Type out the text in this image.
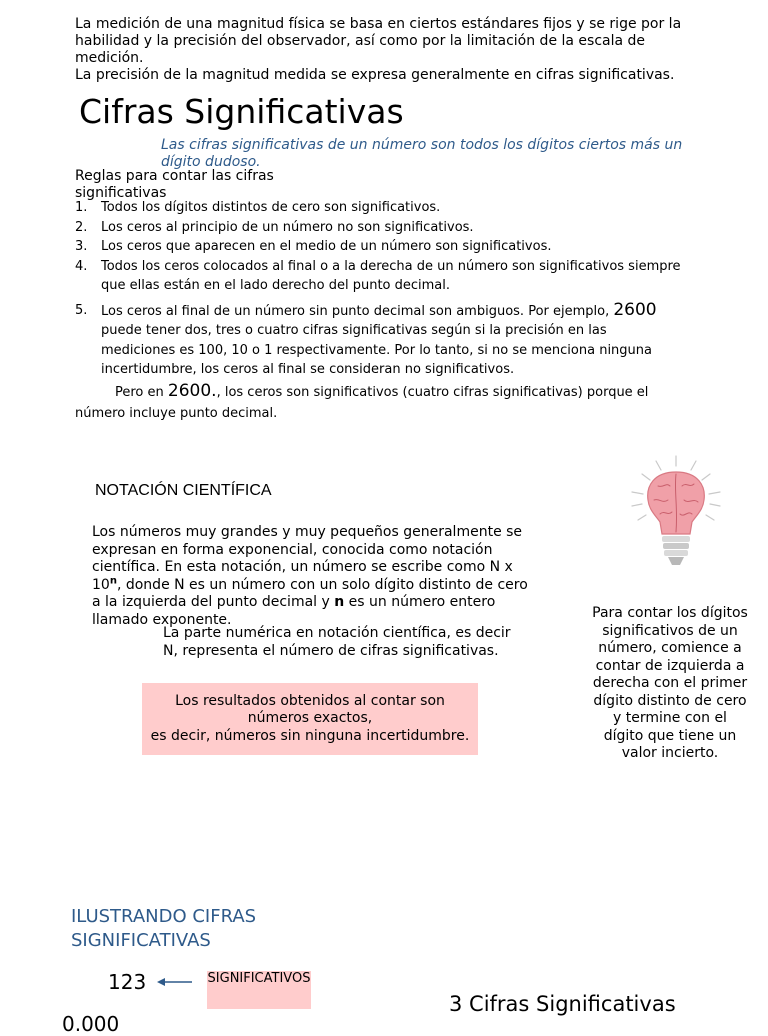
La medición de una magnitud física se basa en ciertos estándares fijos y se rige por la habilidad y la precisión del observador, así como por la limitación de la escala de medición.

La precisión de la magnitud medida se expresa generalmente en cifras significativas.

Cifras Significativas
Las cifras significativas de un número son todos los dígitos ciertos más un dígito dudoso.
Reglas para contar las cifras significativas
1. Todos los dígitos distintos de cero son significativos.
2. Los ceros al principio de un número no son significativos.
3. Los ceros que aparecen en el medio de un número son significativos.
4. Todos los ceros colocados al final o a la derecha de un número son significativos siempre que ellas están en el lado derecho del punto decimal.
5. Los ceros al final de un número sin punto decimal son ambiguos. Por ejemplo, 2600 puede tener dos, tres o cuatro cifras significativas según si la precisión en las mediciones es 100, 10 o 1 respectivamente. Por lo tanto, si no se menciona ninguna incertidumbre, los ceros al final se consideran no significativos.
Pero en 2600., los ceros son significativos (cuatro cifras significativas) porque el número incluye punto decimal.
NOTACIÓN CIENTÍFICA
Los números muy grandes y muy pequeños generalmente se expresan en forma exponencial, conocida como notación científica. En esta notación, un número se escribe como N x 10$^n$, donde N es un número con un solo dígito distinto de cero a la izquierda del punto decimal y n es un número entero llamado exponente.
La parte numérica en notación científica, es decir N, representa el número de cifras significativas.
Los resultados obtenidos al contar son números exactos,
es decir, números sin ninguna incertidumbre.
Para contar los dígitos significativos de un número, comience a contar de izquierda a derecha con el primer dígito distinto de cero y termine con el dígito que tiene un valor incierto.
ILUSTRANDO CIFRAS SIGNIFICATIVAS
123	SIGNIFICATIVOS
0.000
3 Cifras Significativas
